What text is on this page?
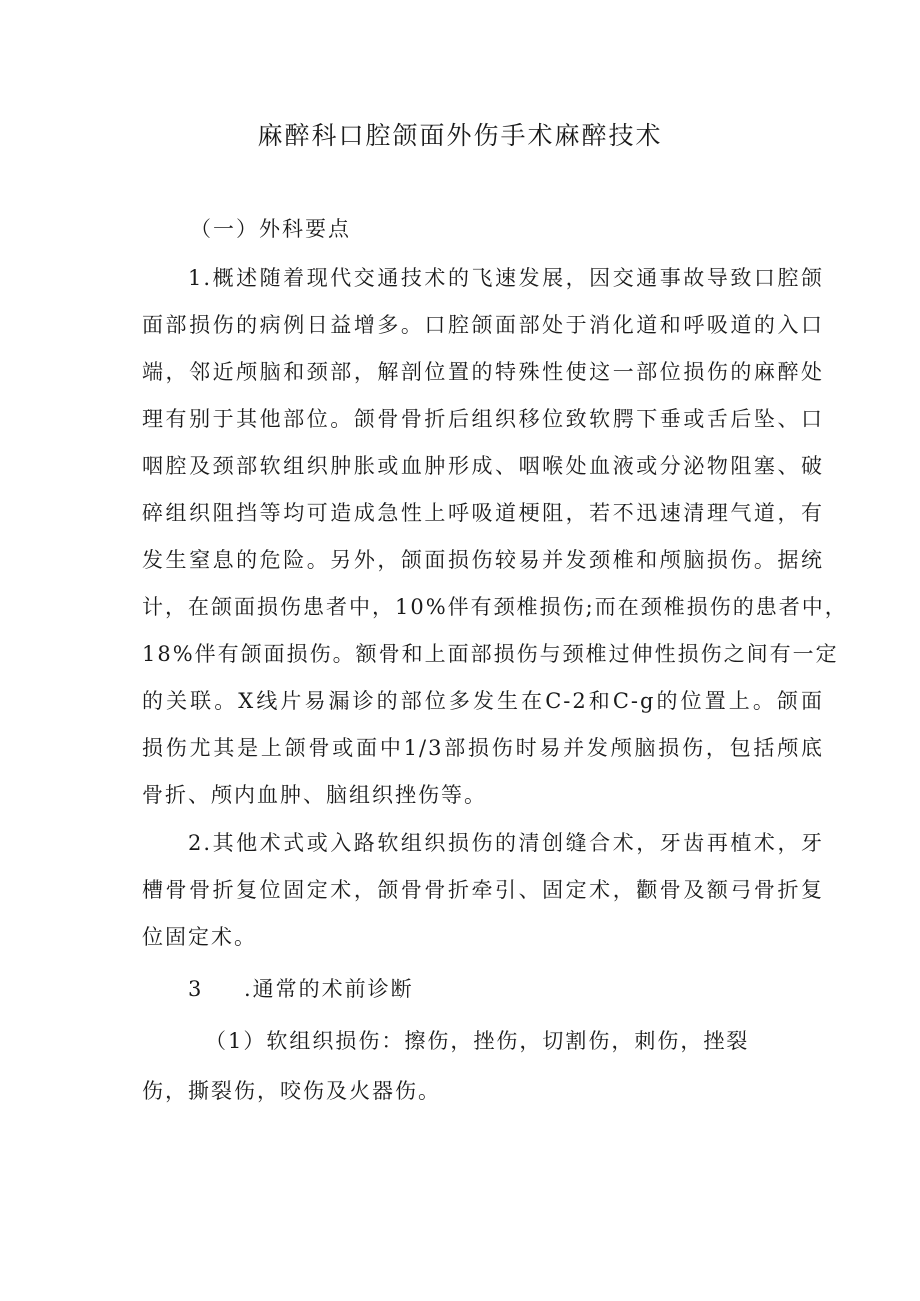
麻醉科口腔颌面外伤手术麻醉技术
（一）外科要点
1.概述随着现代交通技术的飞速发展，因交通事故导致口腔颌
面部损伤的病例日益增多。口腔颌面部处于消化道和呼吸道的入口
端，邻近颅脑和颈部，解剖位置的特殊性使这一部位损伤的麻醉处
理有别于其他部位。颌骨骨折后组织移位致软腭下垂或舌后坠、口
咽腔及颈部软组织肿胀或血肿形成、咽喉处血液或分泌物阻塞、破
碎组织阻挡等均可造成急性上呼吸道梗阻，若不迅速清理气道，有
发生窒息的危险。另外，颌面损伤较易并发颈椎和颅脑损伤。据统
计，在颌面损伤患者中，10%伴有颈椎损伤;而在颈椎损伤的患者中，
18%伴有颌面损伤。额骨和上面部损伤与颈椎过伸性损伤之间有一定
的关联。X线片易漏诊的部位多发生在C-2和C-g的位置上。颌面
损伤尤其是上颌骨或面中1/3部损伤时易并发颅脑损伤，包括颅底
骨折、颅内血肿、脑组织挫伤等。
2.其他术式或入路软组织损伤的清创缝合术，牙齿再植术，牙
槽骨骨折复位固定术，颌骨骨折牵引、固定术，颧骨及额弓骨折复
位固定术。
3 .通常的术前诊断
（1）软组织损伤：擦伤，挫伤，切割伤，刺伤，挫裂
伤，撕裂伤，咬伤及火器伤。
